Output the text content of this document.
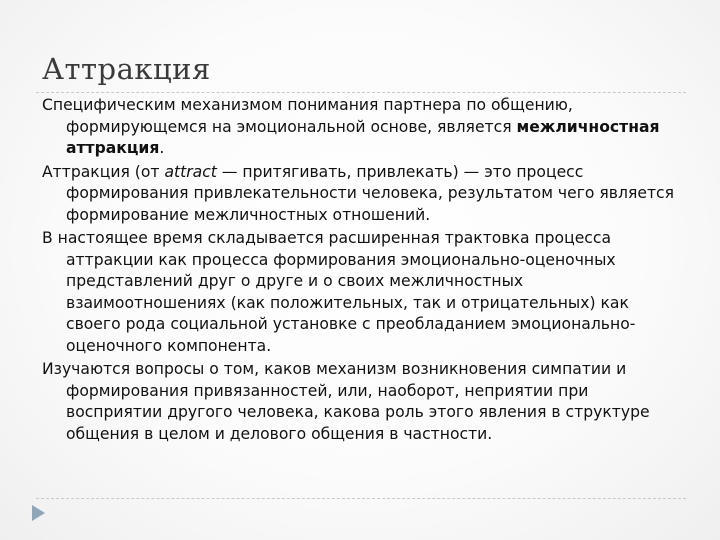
Аттракция

Специфическим механизмом понимания партнера по общению, формирующемся на эмоциональной основе, является межличностная аттракция.

Аттракция (от attract — притягивать, привлекать) — это процесс формирования привлекательности человека, результатом чего является формирование межличностных отношений.

В настоящее время складывается расширенная трактовка процесса аттракции как процесса формирования эмоционально-оценочных представлений друг о друге и о своих межличностных взаимоотношениях (как положительных, так и отрицательных) как своего рода социальной установке с преобладанием эмоционально-оценочного компонента.

Изучаются вопросы о том, каков механизм возникновения симпатии и формирования привязанностей, или, наоборот, неприятии при восприятии другого человека, какова роль этого явления в структуре общения в целом и делового общения в частности.
